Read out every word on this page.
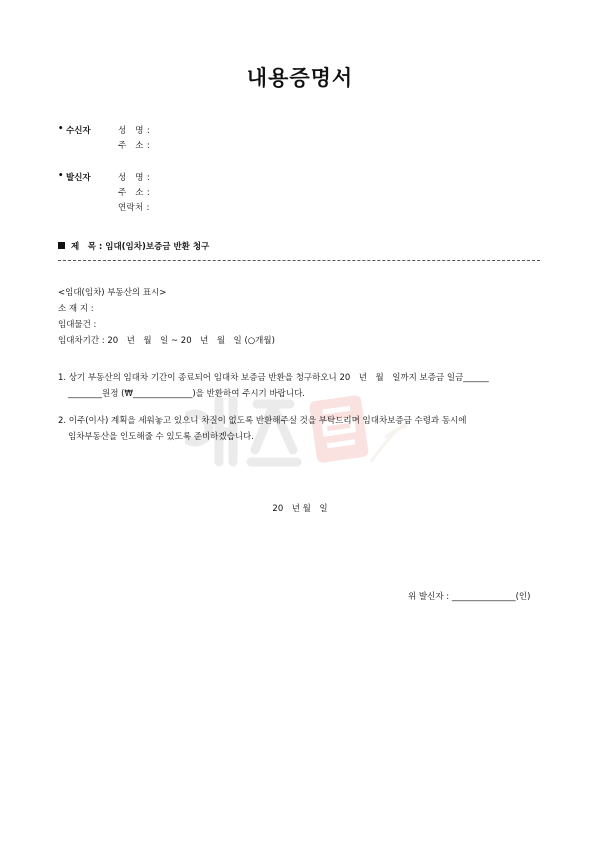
내용증명서
• 수신자	성　명 :
주　소 :
• 발신자	성　명 :
주　소 :
연락처 :
제　목 : 임대(임차)보증금 반환 청구
<임대(임차) 부동산의 표시>
소 재 지 :
임대물건 :
임대차기간 : 20　년　월　일 ~ 20　년　월　일 (○개월)
1. 상기 부동산의 임대차 기간이 종료되어 임대차 보증금 반환을 청구하오니 20　년　월　일까지 보증금 일금______
________원정 (₩______________)을 반환하여 주시기 바랍니다.
2. 이주(이사) 계획을 세워놓고 있으니 차질이 없도록 반환해주실 것을 부탁드리며 임대차보증금 수령과 동시에
임차부동산을 인도해줄 수 있도록 준비하겠습니다.
20　년 월　일
위 발신자 : _______________(인)
